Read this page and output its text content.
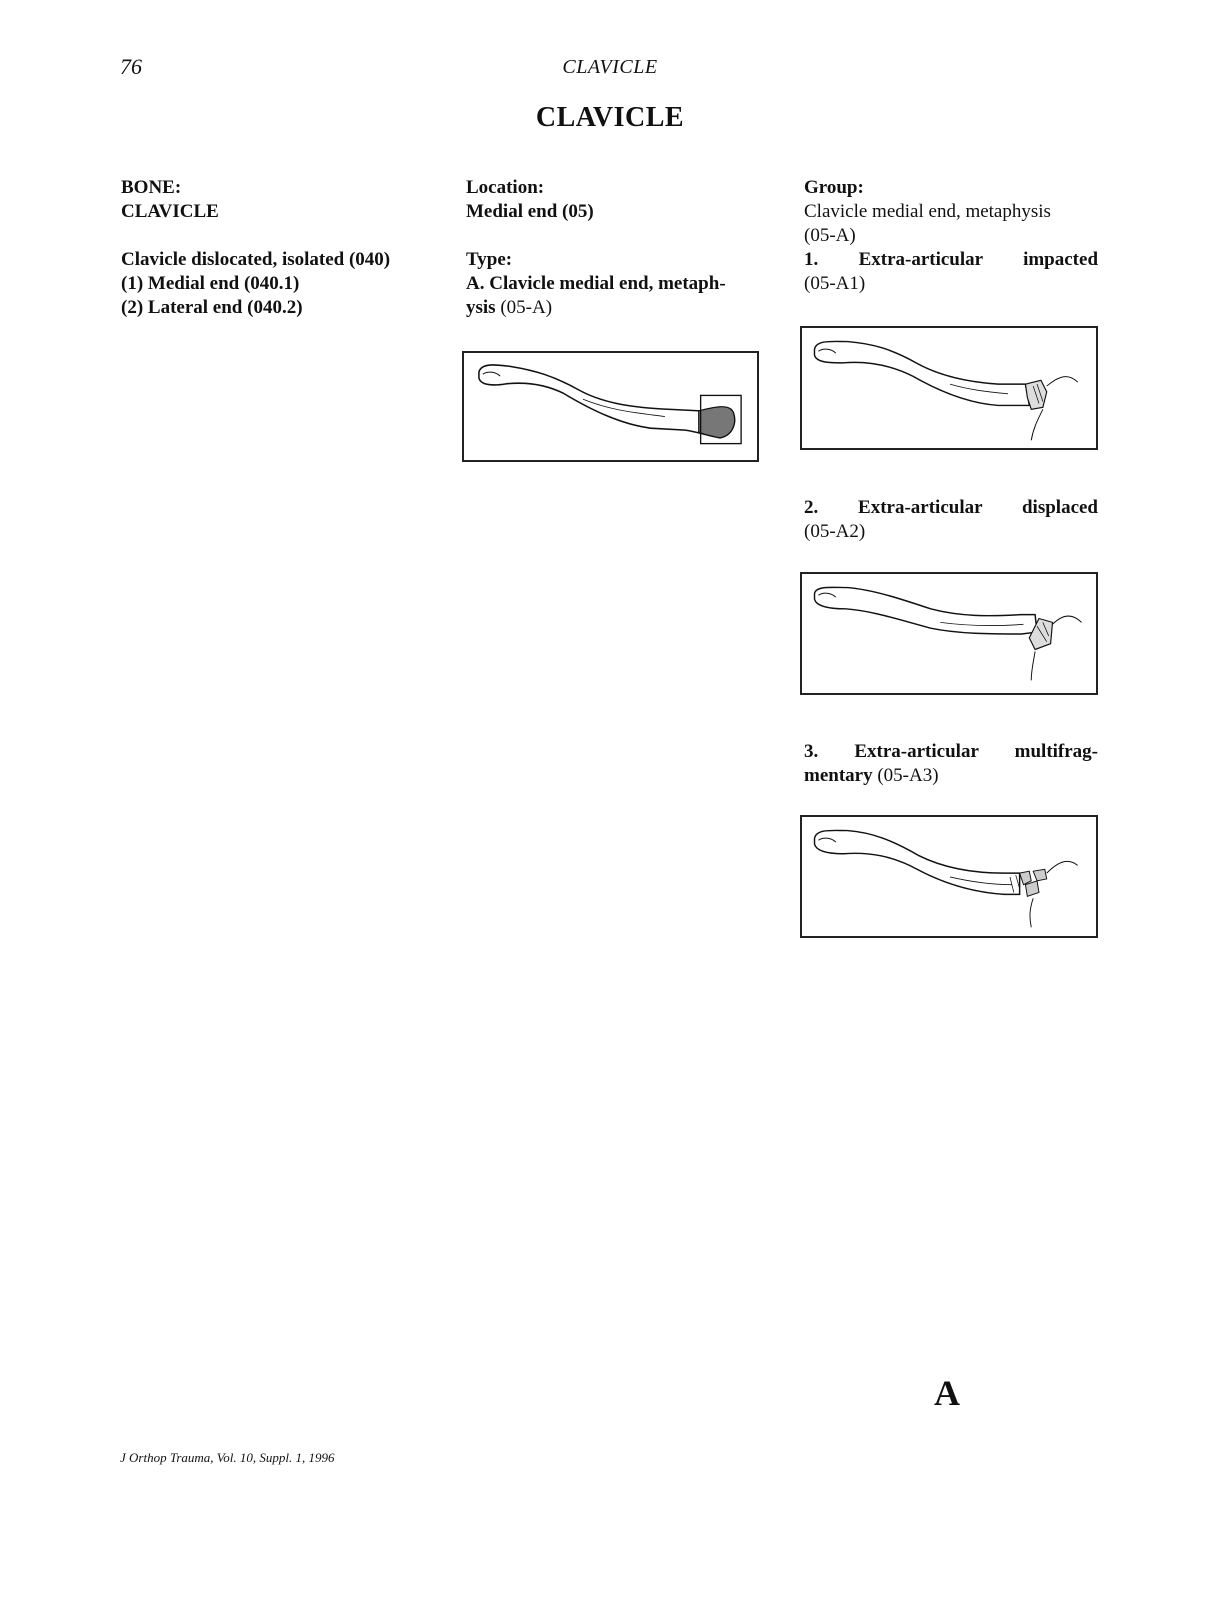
76	CLAVICLE
CLAVICLE
BONE:
CLAVICLE
Clavicle dislocated, isolated (040)
(1) Medial end (040.1)
(2) Lateral end (040.2)
Location:
Medial end (05)
Type:
A. Clavicle medial end, metaph-
ysis (05-A)
Group:
Clavicle medial end, metaphysis
(05-A)
1. Extra-articular impacted
(05-A1)
2. Extra-articular displaced
(05-A2)
3. Extra-articular multifrag-
mentary (05-A3)
A
J Orthop Trauma, Vol. 10, Suppl. 1, 1996
